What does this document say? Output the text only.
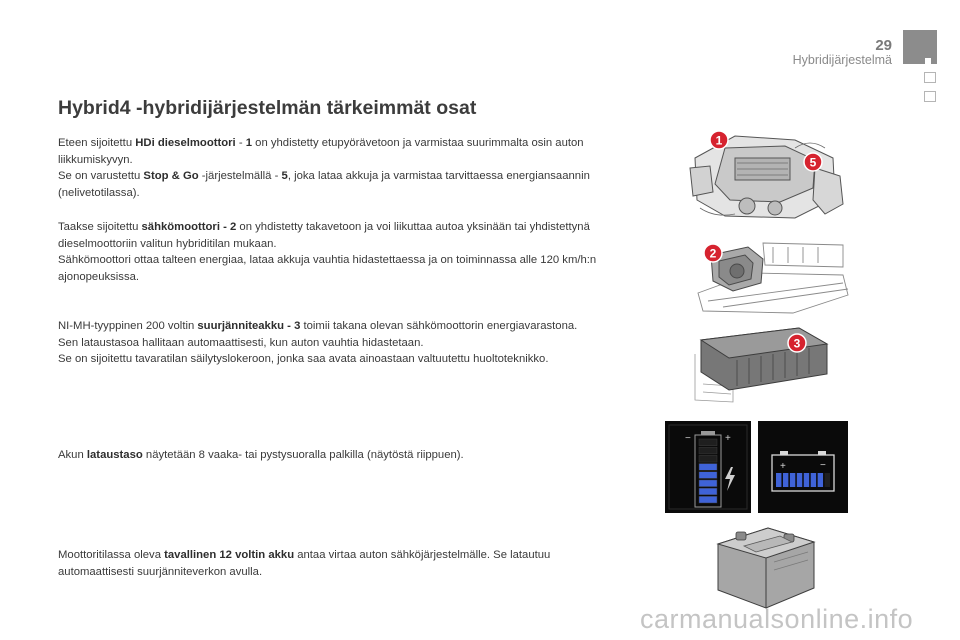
29
Hybridijärjestelmä
Hybrid4 -hybridijärjestelmän tärkeimmät osat
Eteen sijoitettu HDi dieselmoottori - 1 on yhdistetty etupyörävetoon ja varmistaa suurimmalta osin auton liikkumiskyvyn.
Se on varustettu Stop & Go -järjestelmällä - 5, joka lataa akkuja ja varmistaa tarvittaessa energiansaannin (nelivetotilassa).
Taakse sijoitettu sähkömoottori - 2 on yhdistetty takavetoon ja voi liikuttaa autoa yksinään tai yhdistettynä dieselmoottoriin valitun hybriditilan mukaan.
Sähkömoottori ottaa talteen energiaa, lataa akkuja vauhtia hidastettaessa ja on toiminnassa alle 120 km/h:n ajonopeuksissa.
NI-MH-tyyppinen 200 voltin suurjänniteakku - 3 toimii takana olevan sähkömoottorin energiavarastona.
Sen lataustasoa hallitaan automaattisesti, kun auton vauhtia hidastetaan.
Se on sijoitettu tavaratilan säilytyslokeroon, jonka saa avata ainoastaan valtuutettu huoltoteknikko.
Akun lataustaso näytetään 8 vaaka- tai pystysuoralla palkilla (näytöstä riippuen).
Moottoritilassa oleva tavallinen 12 voltin akku antaa virtaa auton sähköjärjestelmälle. Se latautuu automaattisesti suurjänniteverkon avulla.
1
5
2
3
−	+
+	−
carmanualsonline.info
